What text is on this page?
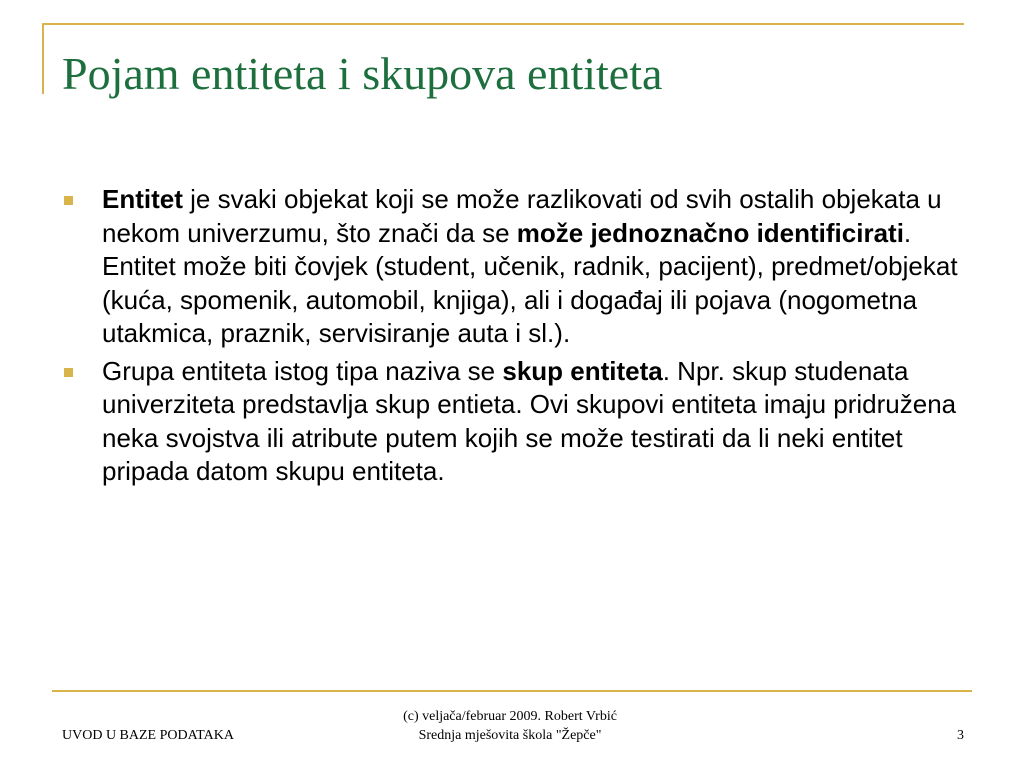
Pojam entiteta i skupova entiteta
Entitet je svaki objekat koji se može razlikovati od svih ostalih objekata u nekom univerzumu, što znači da se može jednoznačno identificirati. Entitet može biti čovjek (student, učenik, radnik, pacijent), predmet/objekat (kuća, spomenik, automobil, knjiga), ali i događaj ili pojava (nogometna utakmica, praznik, servisiranje auta i sl.).
Grupa entiteta istog tipa naziva se skup entiteta. Npr. skup studenata univerziteta predstavlja skup entieta. Ovi skupovi entiteta imaju pridružena neka svojstva ili atribute putem kojih se može testirati da li neki entitet pripada datom skupu entiteta.
UVOD U BAZE PODATAKA
(c) veljača/februar 2009. Robert Vrbić
Srednja mješovita škola "Žepče"	3
